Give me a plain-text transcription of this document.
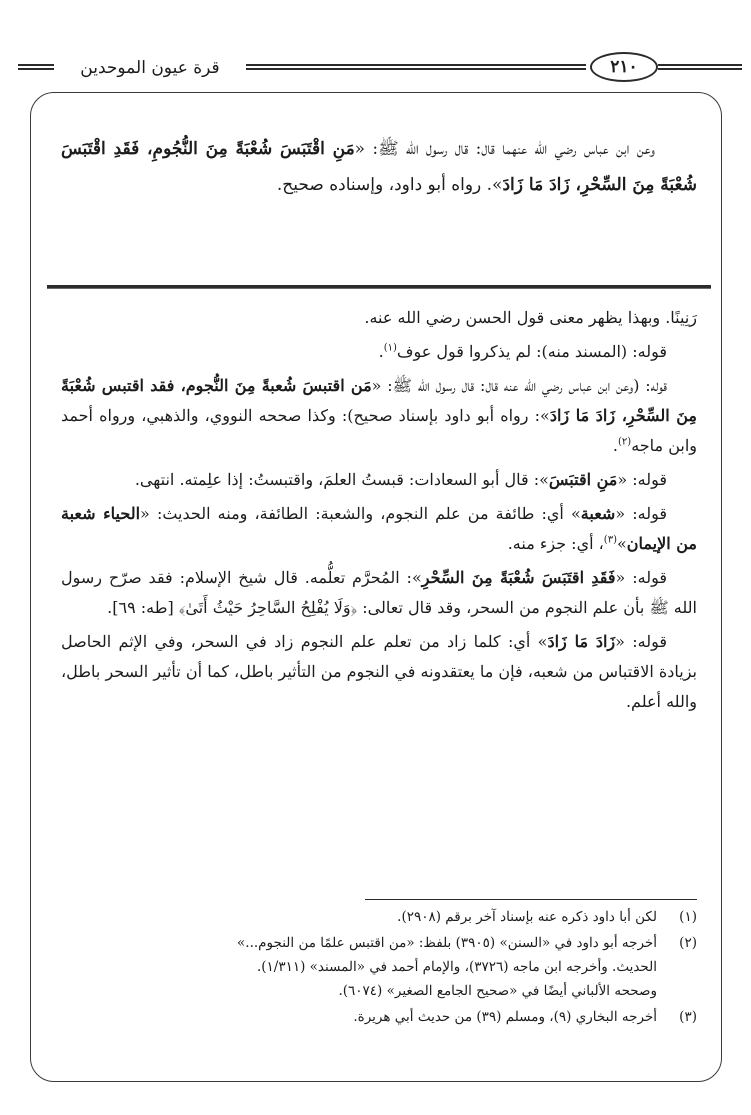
قرة عيون الموحدين	٢١٠

وعن ابن عباس رضي الله عنهما قال: قال رسول الله ﷺ: «مَنِ اقْتَبَسَ شُعْبَةً مِنَ النُّجُومِ، فَقَدِ اقْتَبَسَ شُعْبَةً مِنَ السِّحْرِ، زَادَ مَا زَادَ». رواه أبو داود، وإسناده صحيح.

رَنِينًا. وبهذا يظهر معنى قول الحسن رضي الله عنه.

قوله: (المسند منه): لم يذكروا قول عوف$^{(١)}$.

قوله: (وعن ابن عباس رضي الله عنه قال: قال رسول الله ﷺ: «مَن اقتبسَ شُعبةً مِنَ النُّجوم، فقد اقتبس شُعْبَةً مِنَ السِّحْرِ، زَادَ مَا زَادَ»: رواه أبو داود بإسناد صحيح): وكذا صححه النووي، والذهبي، ورواه أحمد وابن ماجه$^{(٢)}$.

قوله: «مَنِ اقتبَسَ»: قال أبو السعادات: قبستُ العلمَ، واقتبستُ: إذا علِمته. انتهى.

قوله: «شعبة» أي: طائفة من علم النجوم، والشعبة: الطائفة، ومنه الحديث: «الحياء شعبة من الإيمان»$^{(٣)}$، أي: جزء منه.

قوله: «فَقَدِ اقتَبَسَ شُعْبَةً مِنَ السِّحْرِ»: المُحرَّم تعلُّمه. قال شيخ الإسلام: فقد صرّح رسول الله ﷺ بأن علم النجوم من السحر، وقد قال تعالى: ﴿وَلَا يُفْلِحُ السَّاحِرُ حَيْثُ أَتَىٰ﴾ [طه: ٦٩].

قوله: «زَادَ مَا زَادَ» أي: كلما زاد من تعلم علم النجوم زاد في السحر، وفي الإثم الحاصل بزيادة الاقتباس من شعبه، فإن ما يعتقدونه في النجوم من التأثير باطل، كما أن تأثير السحر باطل، والله أعلم.

(١)
لكن أبا داود ذكره عنه بإسناد آخر برقم (٢٩٠٨).
(٢)
أخرجه أبو داود في «السنن» (٣٩٠٥) بلفظ: «من اقتبس علمًا من النجوم...»
الحديث. وأخرجه ابن ماجه (٣٧٢٦)، والإمام أحمد في «المسند» (١/٣١١).
وصححه الألباني أيضًا في «صحيح الجامع الصغير» (٦٠٧٤).
(٣)
أخرجه البخاري (٩)، ومسلم (٣٩) من حديث أبي هريرة.
